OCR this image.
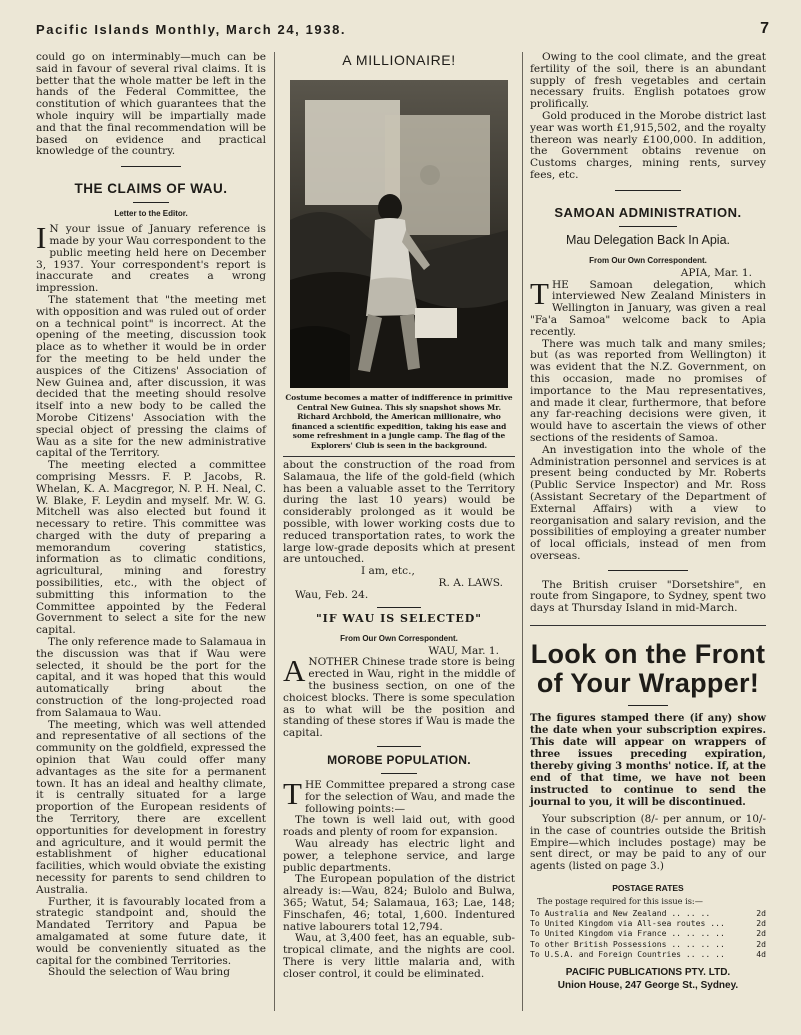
Pacific Islands Monthly, March 24, 1938.	7

could go on interminably—much can be said in favour of several rival claims. It is better that the whole matter be left in the hands of the Federal Committee, the constitution of which guarantees that the whole inquiry will be impartially made and that the final recommendation will be based on evidence and practical knowledge of the country.

THE CLAIMS OF WAU.
Letter to the Editor.

I N your issue of January reference is made by your Wau correspondent to the public meeting held here on December 3, 1937. Your correspondent's report is inaccurate and creates a wrong impression.

The statement that "the meeting met with opposition and was ruled out of order on a technical point" is incorrect. At the opening of the meeting, discussion took place as to whether it would be in order for the meeting to be held under the auspices of the Citizens' Association of New Guinea and, after discussion, it was decided that the meeting should resolve itself into a new body to be called the Morobe Citizens' Association with the special object of pressing the claims of Wau as a site for the new administrative capital of the Territory.

The meeting elected a committee comprising Messrs. F. P. Jacobs, R. Whelan, K. A. Macgregor, N. P. H. Neal, C. W. Blake, F. Leydin and myself. Mr. W. G. Mitchell was also elected but found it necessary to retire. This committee was charged with the duty of preparing a memorandum covering statistics, information as to climatic conditions, agricultural, mining and forestry possibilities, etc., with the object of submitting this information to the Committee appointed by the Federal Government to select a site for the new capital.

The only reference made to Salamaua in the discussion was that if Wau were selected, it should be the port for the capital, and it was hoped that this would automatically bring about the construction of the long-projected road from Salamaua to Wau.

The meeting, which was well attended and representative of all sections of the community on the goldfield, expressed the opinion that Wau could offer many advantages as the site for a permanent town. It has an ideal and healthy climate, it is centrally situated for a large proportion of the European residents of the Territory, there are excellent opportunities for development in forestry and agriculture, and it would permit the establishment of higher educational facilities, which would obviate the existing necessity for parents to send children to Australia.

Further, it is favourably located from a strategic standpoint and, should the Mandated Territory and Papua be amalgamated at some future date, it would be conveniently situated as the capital for the combined Territories.

Should the selection of Wau bring

A MILLIONAIRE!
Costume becomes a matter of indifference in primitive Central New Guinea. This sly snapshot shows Mr. Richard Archbold, the American millionaire, who financed a scientific expedition, taking his ease and some refreshment in a jungle camp. The flag of the Explorers' Club is seen in the background.

about the construction of the road from Salamaua, the life of the gold-field (which has been a valuable asset to the Territory during the last 10 years) would be considerably prolonged as it would be possible, with lower working costs due to reduced transportation rates, to work the large low-grade deposits which at present are untouched.

I am, etc.,

R. A. LAWS.

Wau, Feb. 24.

"IF WAU IS SELECTED"
From Our Own Correspondent.

WAU, Mar. 1.

ANOTHER Chinese trade store is being erected in Wau, right in the middle of the business section, on one of the choicest blocks. There is some speculation as to what will be the position and standing of these stores if Wau is made the capital.

MOROBE POPULATION.

THE Committee prepared a strong case for the selection of Wau, and made the following points:—

The town is well laid out, with good roads and plenty of room for expansion.

Wau already has electric light and power, a telephone service, and large public departments.

The European population of the district already is:—Wau, 824; Bulolo and Bulwa, 365; Watut, 54; Salamaua, 163; Lae, 148; Finschafen, 46; total, 1,600. Indentured native labourers total 12,794.

Wau, at 3,400 feet, has an equable, sub-tropical climate, and the nights are cool. There is very little malaria and, with closer control, it could be eliminated.

Owing to the cool climate, and the great fertility of the soil, there is an abundant supply of fresh vegetables and certain necessary fruits. English potatoes grow prolifically.

Gold produced in the Morobe district last year was worth £1,915,502, and the royalty thereon was nearly £100,000. In addition, the Government obtains revenue on Customs charges, mining rents, survey fees, etc.

SAMOAN ADMINISTRATION.
Mau Delegation Back In Apia.
From Our Own Correspondent.

APIA, Mar. 1.

THE Samoan delegation, which interviewed New Zealand Ministers in Wellington in January, was given a real "Fa'a Samoa" welcome back to Apia recently.

There was much talk and many smiles; but (as was reported from Wellington) it was evident that the N.Z. Government, on this occasion, made no promises of importance to the Mau representatives, and made it clear, furthermore, that before any far-reaching decisions were given, it would have to ascertain the views of other sections of the residents of Samoa.

An investigation into the whole of the Administration personnel and services is at present being conducted by Mr. Roberts (Public Service Inspector) and Mr. Ross (Assistant Secretary of the Department of External Affairs) with a view to reorganisation and salary revision, and the possibilities of employing a greater number of local officials, instead of men from overseas.

The British cruiser "Dorsetshire", en route from Singapore, to Sydney, spent two days at Thursday Island in mid-March.

Look on the Front
of Your Wrapper!

The figures stamped there (if any) show the date when your subscription expires. This date will appear on wrappers of three issues preceding expiration, thereby giving 3 months' notice. If, at the end of that time, we have not been instructed to continue to send the journal to you, it will be discontinued.

Your subscription (8/- per annum, or 10/- in the case of countries outside the British Empire—which includes postage) may be sent direct, or may be paid to any of our agents (listed on page 3.)

POSTAGE RATES
The postage required for this issue is:—
To Australia and New Zealand .. .. ..	2d
To United Kingdom via All-sea routes ...	2d
To United Kingdom via France .. .. .. ..	2d
To other British Possessions .. .. .. ..	2d
To U.S.A. and Foreign Countries .. .. ..	4d
PACIFIC PUBLICATIONS PTY. LTD.
Union House, 247 George St., Sydney.
